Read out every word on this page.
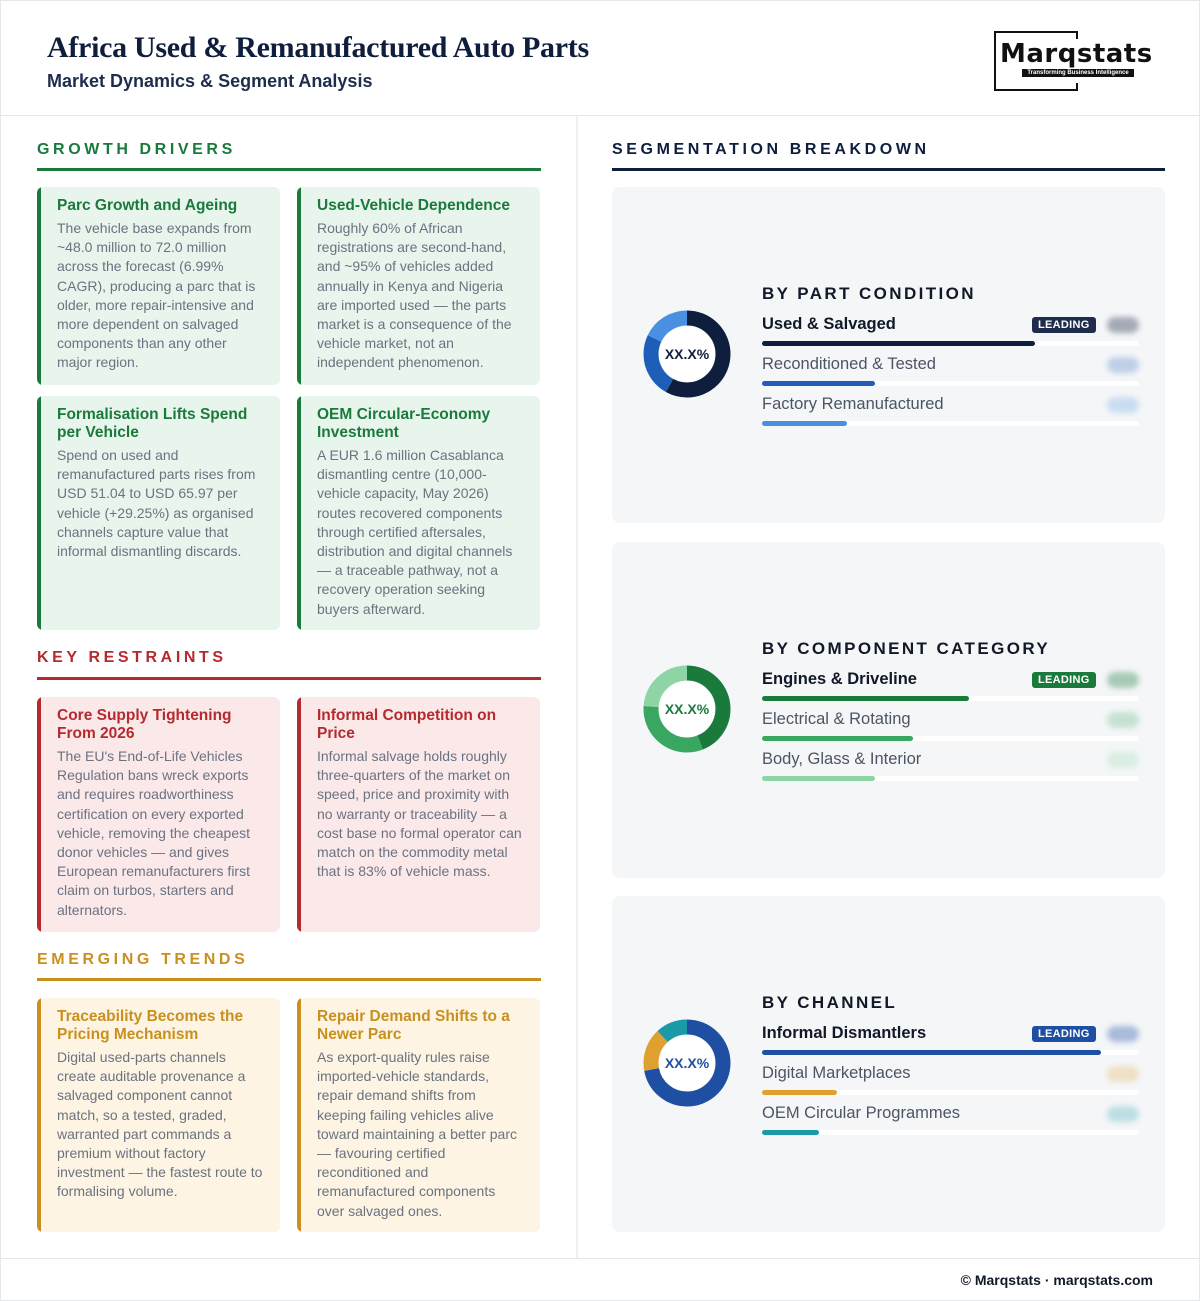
Africa Used & Remanufactured Auto Parts
Market Dynamics & Segment Analysis
Marqstats
Transforming Business Intelligence
GROWTH DRIVERS
Parc Growth and Ageing
The vehicle base expands from ~48.0 million to 72.0 million across the forecast (6.99% CAGR), producing a parc that is older, more repair-intensive and more dependent on salvaged components than any other major region.
Used-Vehicle Dependence
Roughly 60% of African registrations are second-hand, and ~95% of vehicles added annually in Kenya and Nigeria are imported used — the parts market is a consequence of the vehicle market, not an independent phenomenon.
Formalisation Lifts Spend per Vehicle
Spend on used and remanufactured parts rises from USD 51.04 to USD 65.97 per vehicle (+29.25%) as organised channels capture value that informal dismantling discards.
OEM Circular-Economy Investment
A EUR 1.6 million Casablanca dismantling centre (10,000-vehicle capacity, May 2026) routes recovered components through certified aftersales, distribution and digital channels — a traceable pathway, not a recovery operation seeking buyers afterward.
KEY RESTRAINTS
Core Supply Tightening From 2026
The EU's End-of-Life Vehicles Regulation bans wreck exports and requires roadworthiness certification on every exported vehicle, removing the cheapest donor vehicles — and gives European remanufacturers first claim on turbos, starters and alternators.
Informal Competition on Price
Informal salvage holds roughly three-quarters of the market on speed, price and proximity with no warranty or traceability — a cost base no formal operator can match on the commodity metal that is 83% of vehicle mass.
EMERGING TRENDS
Traceability Becomes the Pricing Mechanism
Digital used-parts channels create auditable provenance a salvaged component cannot match, so a tested, graded, warranted part commands a premium without factory investment — the fastest route to formalising volume.
Repair Demand Shifts to a Newer Parc
As export-quality rules raise imported-vehicle standards, repair demand shifts from keeping failing vehicles alive toward maintaining a better parc — favouring certified reconditioned and remanufactured components over salvaged ones.
SEGMENTATION BREAKDOWN
BY PART CONDITION
XX.X%
Used & Salvaged	LEADING
Reconditioned & Tested
Factory Remanufactured
BY COMPONENT CATEGORY
XX.X%
Engines & Driveline	LEADING
Electrical & Rotating
Body, Glass & Interior
BY CHANNEL
XX.X%
Informal Dismantlers	LEADING
Digital Marketplaces
OEM Circular Programmes
© Marqstats · marqstats.com
